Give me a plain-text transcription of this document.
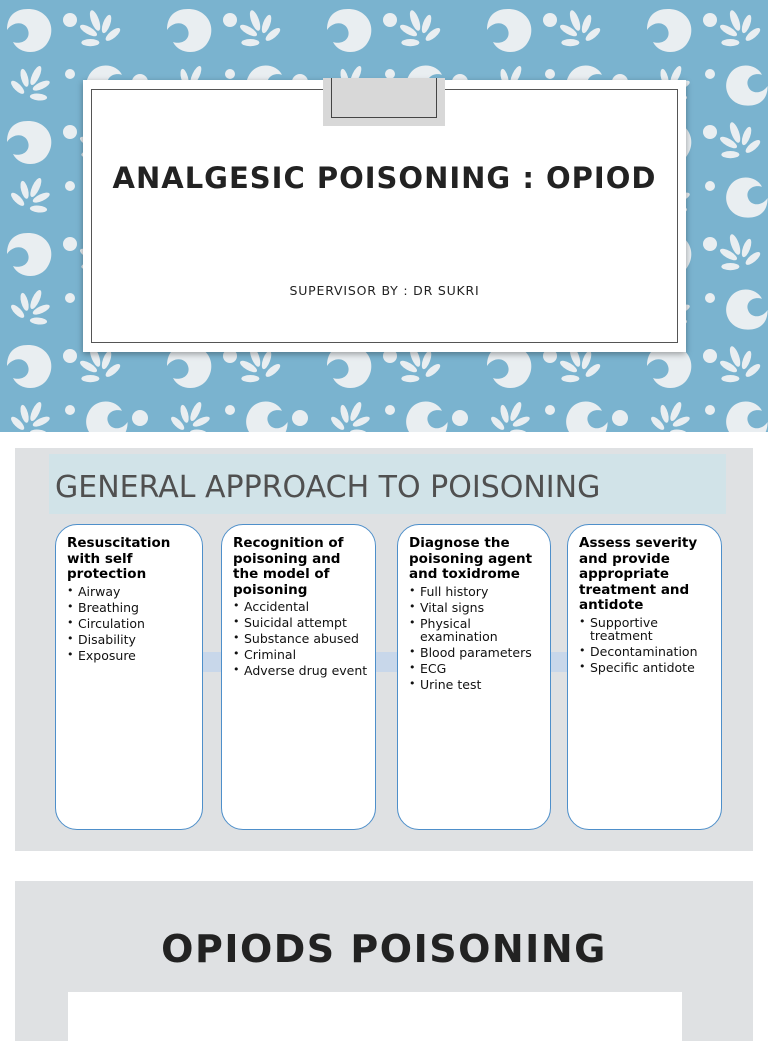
ANALGESIC POISONING : OPIOD
SUPERVISOR BY : DR SUKRI
GENERAL APPROACH TO POISONING
Resuscitation with self protection
• Airway
• Breathing
• Circulation
• Disability
• Exposure
Recognition of poisoning and the model of poisoning
• Accidental
• Suicidal attempt
• Substance abused
• Criminal
• Adverse drug event
Diagnose the poisoning agent and toxidrome
• Full history
• Vital signs
• Physical examination
• Blood parameters
• ECG
• Urine test
Assess severity and provide appropriate treatment and antidote
• Supportive treatment
• Decontamination
• Specific antidote
OPIODS POISONING
